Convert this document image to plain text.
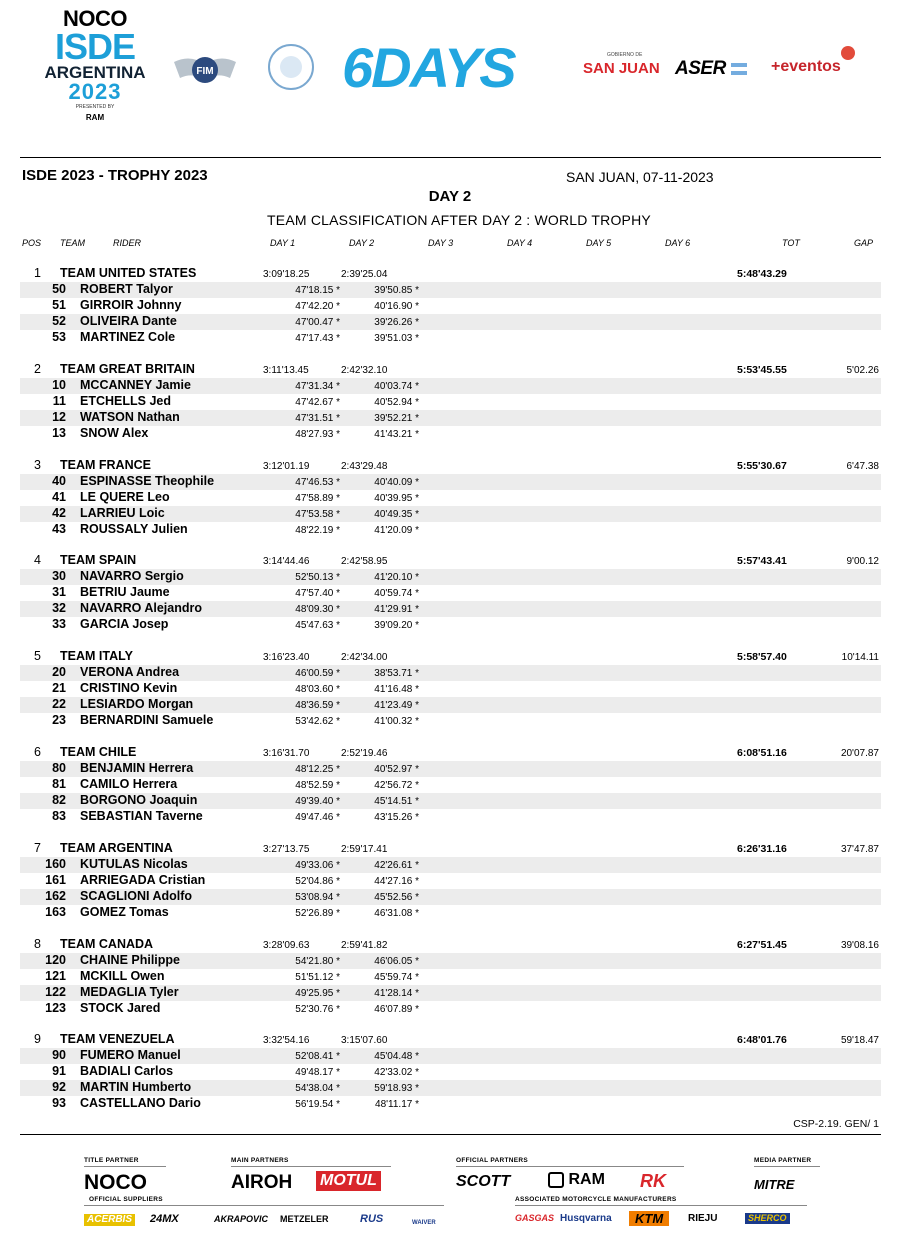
NOCO
ISDE
ARGENTINA
2023
PRESENTED BY
RAM
FIM 6DAYS	GOBIERNO DE
SAN JUAN ASER	+eventos
ISDE 2023 - TROPHY 2023	SAN JUAN, 07-11-2023
DAY 2
TEAM CLASSIFICATION AFTER DAY 2 : WORLD TROPHY
POS TEAM	RIDER	DAY 1	DAY 2	DAY 3	DAY 4	DAY 5	DAY 6	TOT	GAP
1 TEAM UNITED STATES	3:09'18.25	2:39'25.04	5:48'43.29
50 ROBERT Talyor	47'18.15 *	39'50.85 *
51 GIRROIR Johnny	47'42.20 *	40'16.90 *
52 OLIVEIRA Dante	47'00.47 *	39'26.26 *
53 MARTINEZ Cole	47'17.43 *	39'51.03 *
2 TEAM GREAT BRITAIN	3:11'13.45	2:42'32.10	5:53'45.55	5'02.26
10 MCCANNEY Jamie	47'31.34 *	40'03.74 *
11 ETCHELLS Jed	47'42.67 *	40'52.94 *
12 WATSON Nathan	47'31.51 *	39'52.21 *
13 SNOW Alex	48'27.93 *	41'43.21 *
3 TEAM FRANCE	3:12'01.19	2:43'29.48	5:55'30.67	6'47.38
40 ESPINASSE Theophile	47'46.53 *	40'40.09 *
41 LE QUERE Leo	47'58.89 *	40'39.95 *
42 LARRIEU Loic	47'53.58 *	40'49.35 *
43 ROUSSALY Julien	48'22.19 *	41'20.09 *
4 TEAM SPAIN	3:14'44.46	2:42'58.95	5:57'43.41	9'00.12
30 NAVARRO Sergio	52'50.13 *	41'20.10 *
31 BETRIU Jaume	47'57.40 *	40'59.74 *
32 NAVARRO Alejandro	48'09.30 *	41'29.91 *
33 GARCIA Josep	45'47.63 *	39'09.20 *
5 TEAM ITALY	3:16'23.40	2:42'34.00	5:58'57.40	10'14.11
20 VERONA Andrea	46'00.59 *	38'53.71 *
21 CRISTINO Kevin	48'03.60 *	41'16.48 *
22 LESIARDO Morgan	48'36.59 *	41'23.49 *
23 BERNARDINI Samuele	53'42.62 *	41'00.32 *
6 TEAM CHILE	3:16'31.70	2:52'19.46	6:08'51.16	20'07.87
80 BENJAMIN Herrera	48'12.25 *	40'52.97 *
81 CAMILO Herrera	48'52.59 *	42'56.72 *
82 BORGONO Joaquin	49'39.40 *	45'14.51 *
83 SEBASTIAN Taverne	49'47.46 *	43'15.26 *
7 TEAM ARGENTINA	3:27'13.75	2:59'17.41	6:26'31.16	37'47.87
160 KUTULAS Nicolas	49'33.06 *	42'26.61 *
161 ARRIEGADA Cristian	52'04.86 *	44'27.16 *
162 SCAGLIONI Adolfo	53'08.94 *	45'52.56 *
163 GOMEZ Tomas	52'26.89 *	46'31.08 *
8 TEAM CANADA	3:28'09.63	2:59'41.82	6:27'51.45	39'08.16
120 CHAINE Philippe	54'21.80 *	46'06.05 *
121 MCKILL Owen	51'51.12 *	45'59.74 *
122 MEDAGLIA Tyler	49'25.95 *	41'28.14 *
123 STOCK Jared	52'30.76 *	46'07.89 *
9 TEAM VENEZUELA	3:32'54.16	3:15'07.60	6:48'01.76	59'18.47
90 FUMERO Manuel	52'08.41 *	45'04.48 *
91 BADIALI Carlos	49'48.17 *	42'33.02 *
92 MARTIN Humberto	54'38.04 *	59'18.93 *
93 CASTELLANO Dario	56'19.54 *	48'11.17 *
CSP-2.19. GEN/ 1
TITLE PARTNER
NOCO
MAIN PARTNERS
AIROH MOTUL
OFFICIAL PARTNERS
SCOTT	RAM RK
MEDIA PARTNER
MITRE
OFFICIAL SUPPLIERS
ACERBIS 24MX	AKRAPOVIC METZELER	RUS	WAIVER
ASSOCIATED MOTORCYCLE MANUFACTURERS
GASGAS Husqvarna	KTM	RIEJU	SHERCO
